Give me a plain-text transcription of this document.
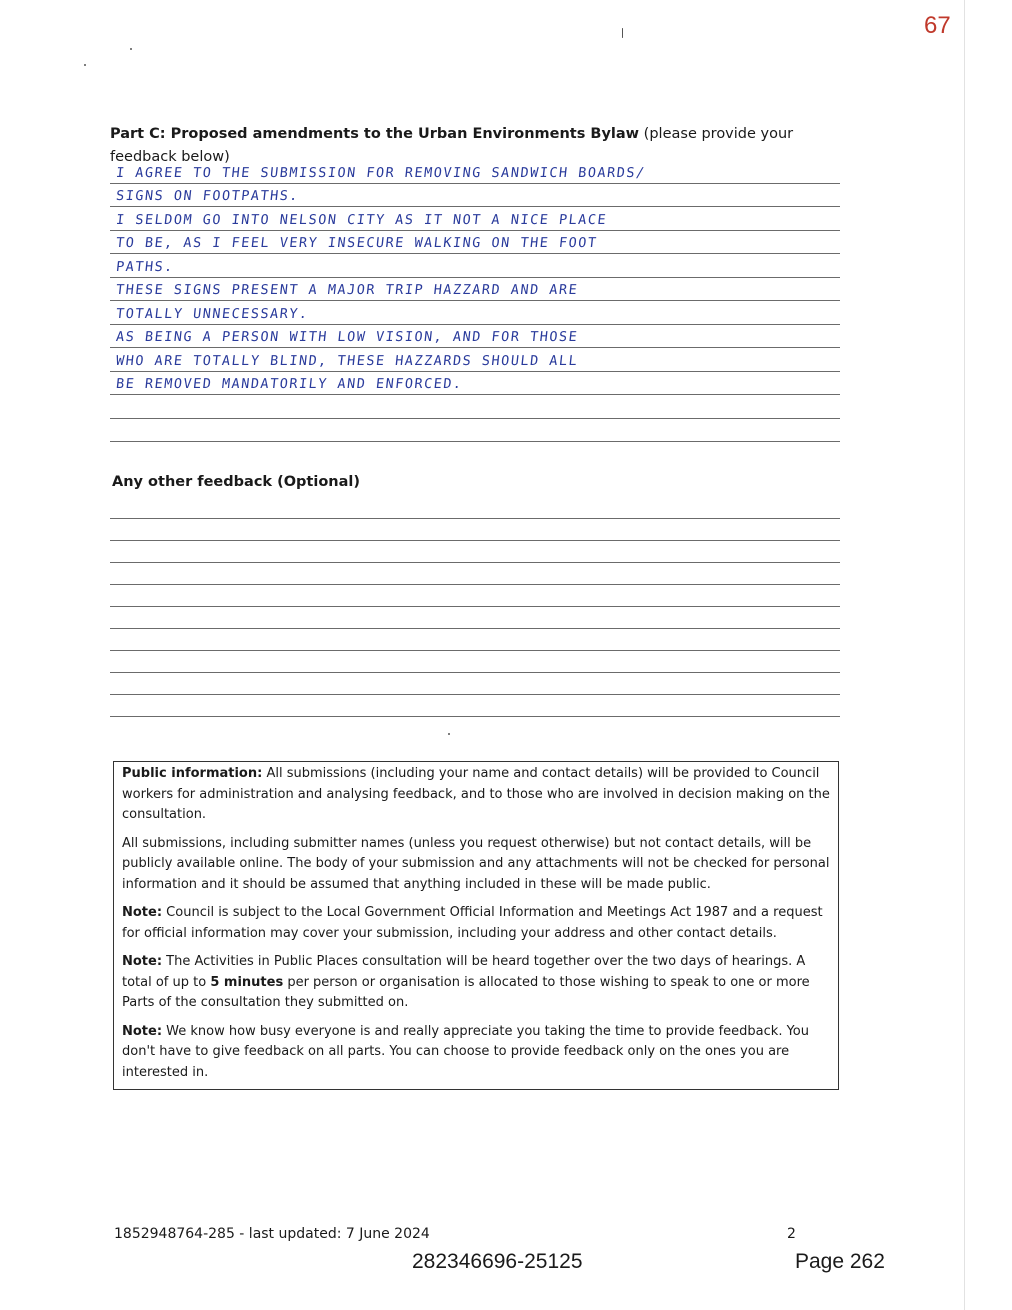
67
Part C: Proposed amendments to the Urban Environments Bylaw (please provide your feedback below)
I AGREE TO THE SUBMISSION FOR REMOVING SANDWICH BOARDS/
SIGNS ON FOOTPATHS.
I SELDOM GO INTO NELSON CITY AS IT NOT A NICE PLACE
TO BE, AS I FEEL VERY INSECURE WALKING ON THE FOOT
PATHS.
THESE SIGNS PRESENT A MAJOR TRIP HAZZARD AND ARE
TOTALLY UNNECESSARY.
AS BEING A PERSON WITH LOW VISION, AND FOR THOSE
WHO ARE TOTALLY BLIND, THESE HAZZARDS SHOULD ALL
BE REMOVED MANDATORILY AND ENFORCED.
Any other feedback (Optional)

Public information: All submissions (including your name and contact details) will be provided to Council workers for administration and analysing feedback, and to those who are involved in decision making on the consultation.

All submissions, including submitter names (unless you request otherwise) but not contact details, will be publicly available online. The body of your submission and any attachments will not be checked for personal information and it should be assumed that anything included in these will be made public.

Note: Council is subject to the Local Government Official Information and Meetings Act 1987 and a request for official information may cover your submission, including your address and other contact details.

Note: The Activities in Public Places consultation will be heard together over the two days of hearings. A total of up to 5 minutes per person or organisation is allocated to those wishing to speak to one or more Parts of the consultation they submitted on.

Note: We know how busy everyone is and really appreciate you taking the time to provide feedback. You don't have to give feedback on all parts. You can choose to provide feedback only on the ones you are interested in.

1852948764-285 - last updated: 7 June 2024	2
282346696-25125	Page 262
